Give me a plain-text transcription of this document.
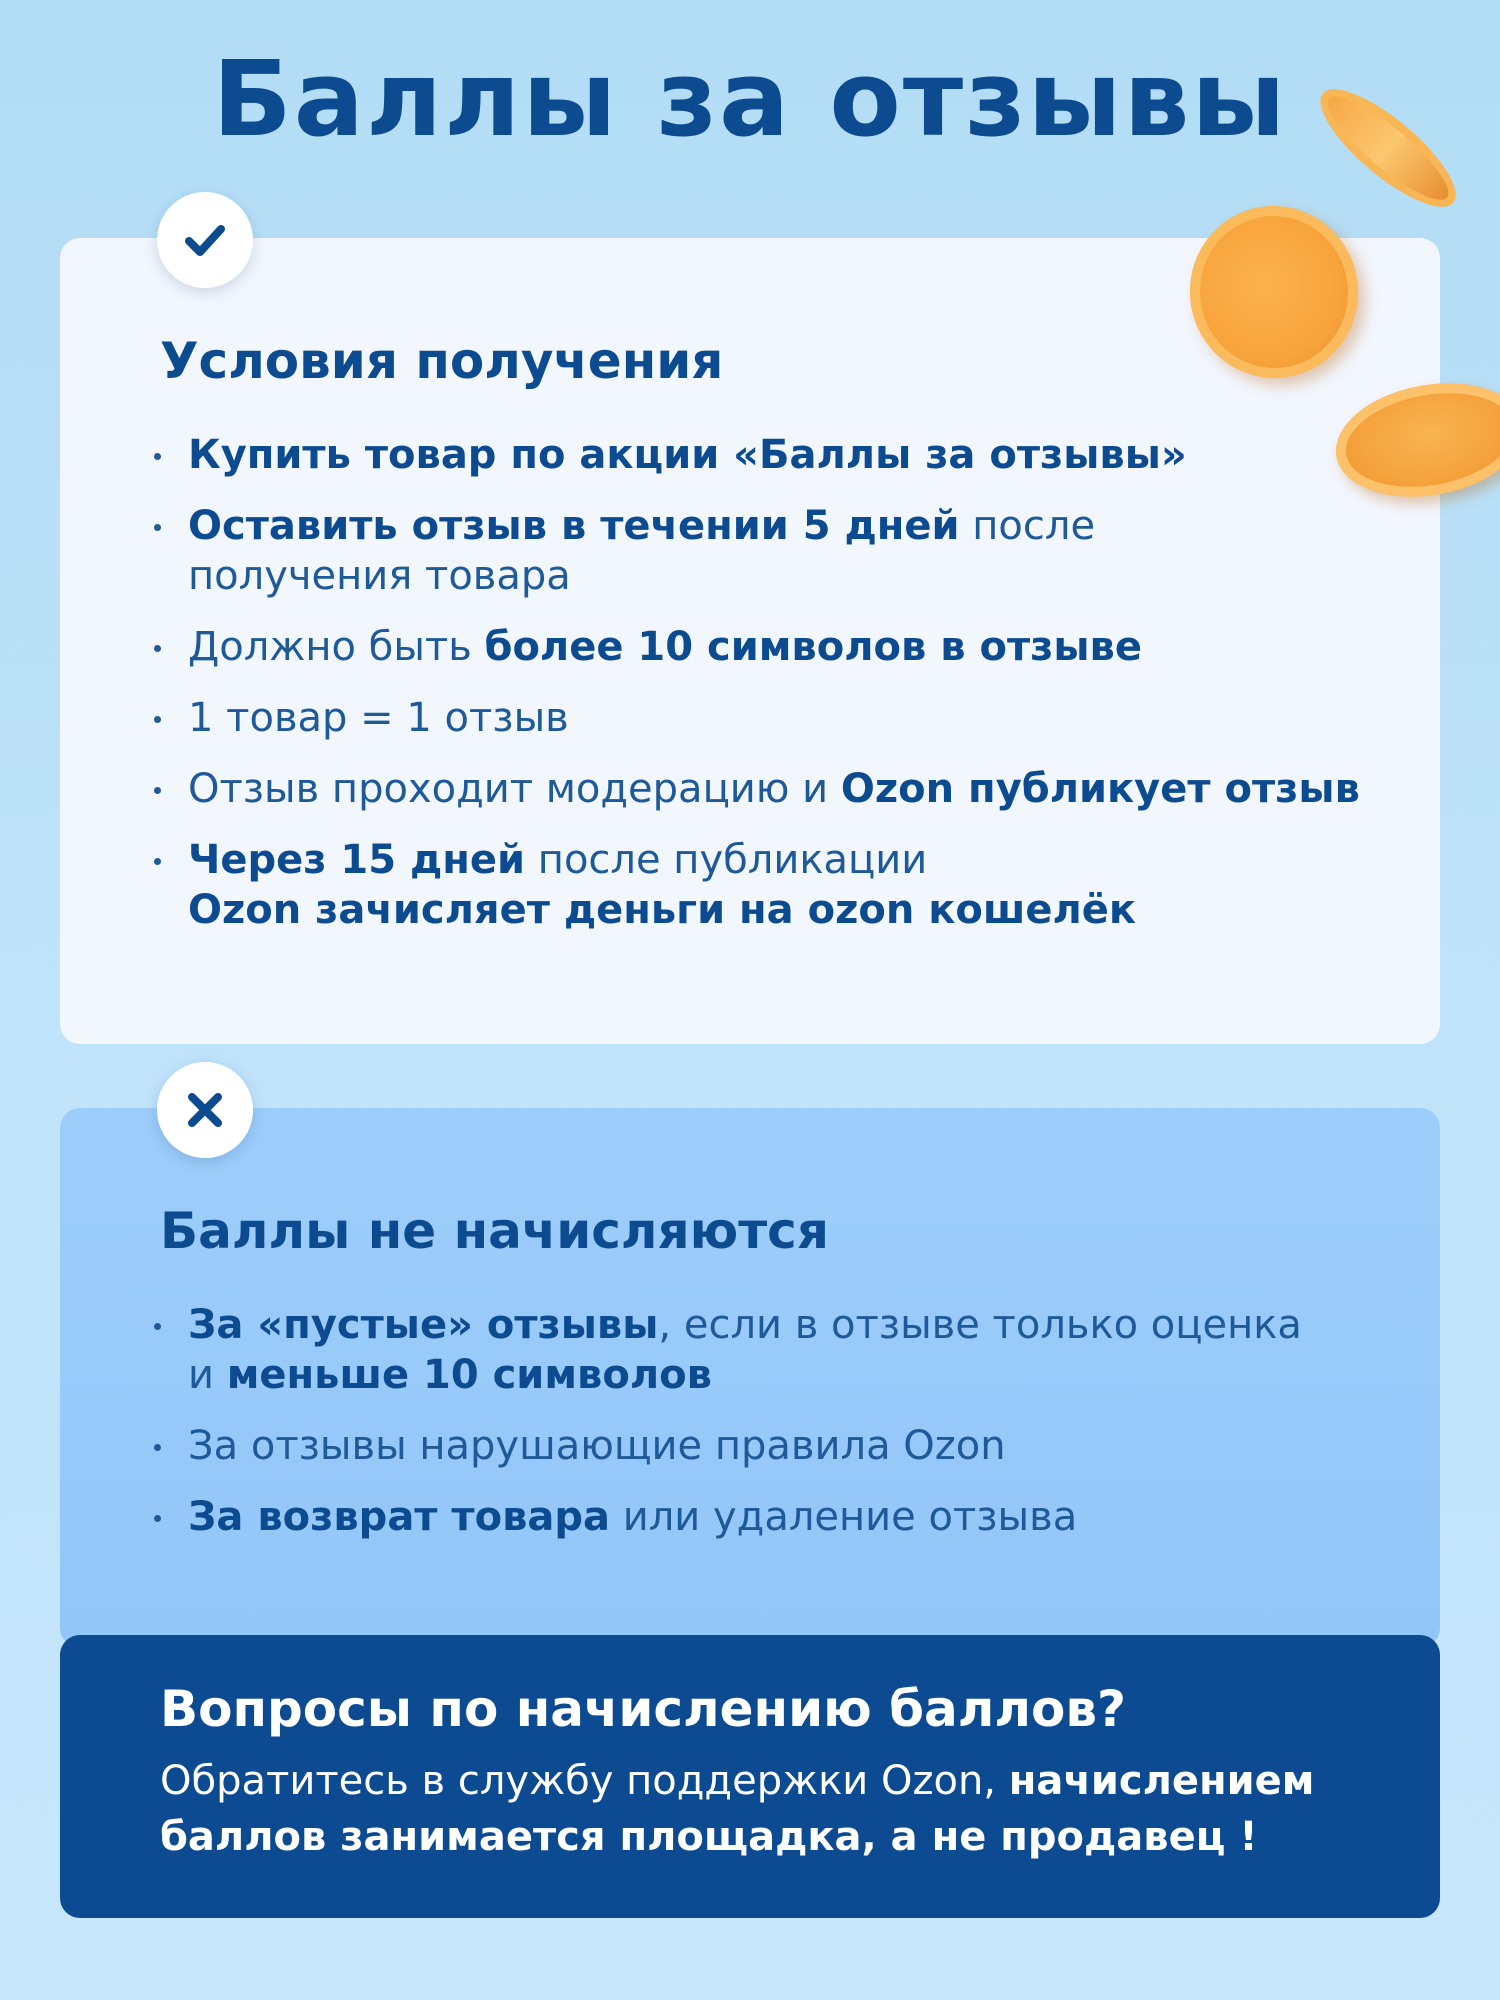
Баллы за отзывы
Условия получения
Купить товар по акции «Баллы за отзывы»
Оставить отзыв в течении 5 дней после
получения товара
Должно быть более 10 символов в отзыве
1 товар = 1 отзыв
Отзыв проходит модерацию и Ozon публикует отзыв
Через 15 дней после публикации
Ozon зачисляет деньги на ozon кошелёк
Баллы не начисляются
За «пустые» отзывы, если в отзыве только оценка
и меньше 10 символов
За отзывы нарушающие правила Ozon
За возврат товара или удаление отзыва
Вопросы по начислению баллов?

Обратитесь в службу поддержки Ozon, начислением
баллов занимается площадка, а не продавец !
